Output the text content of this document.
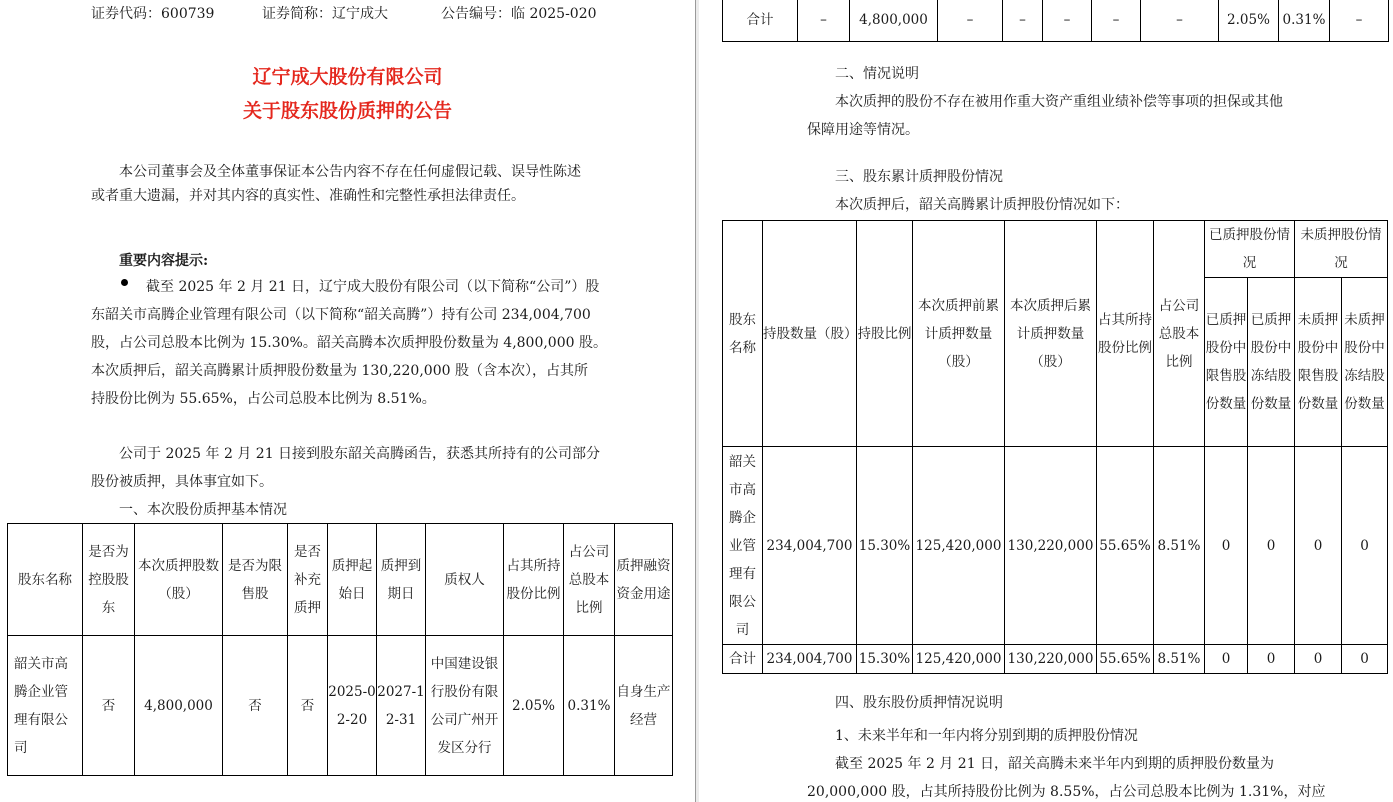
证券代码：600739	证券简称：辽宁成大	公告编号：临 2025-020
辽宁成大股份有限公司
关于股东股份质押的公告
本公司董事会及全体董事保证本公告内容不存在任何虚假记载、误导性陈述
或者重大遗漏，并对其内容的真实性、准确性和完整性承担法律责任。
重要内容提示:
截至 2025 年 2 月 21 日，辽宁成大股份有限公司（以下简称“公司”）股
东韶关市高腾企业管理有限公司（以下简称“韶关高腾”）持有公司 234,004,700
股，占公司总股本比例为 15.30%。韶关高腾本次质押股份数量为 4,800,000 股。
本次质押后，韶关高腾累计质押股份数量为 130,220,000 股（含本次），占其所
持股份比例为 55.65%，占公司总股本比例为 8.51%。
公司于 2025 年 2 月 21 日接到股东韶关高腾函告，获悉其所持有的公司部分
股份被质押，具体事宜如下。
一、本次股份质押基本情况
股东名称	是否为控股股东	本次质押股数（股）	是否为限售股	是否补充质押	质押起始日	质押到期日	质权人	占其所持股份比例	占公司总股本比例	质押融资资金用途
韶关市高腾企业管理有限公司	否	4,800,000	否	否	2025-02-20	2027-12-31	中国建设银行股份有限公司广州开发区分行	2.05%	0.31%	自身生产经营
合计	–	4,800,000	–	–	–	–	–	2.05%	0.31%	–
二、情况说明
本次质押的股份不存在被用作重大资产重组业绩补偿等事项的担保或其他
保障用途等情况。
三、股东累计质押股份情况
本次质押后，韶关高腾累计质押股份情况如下：
股东名称	持股数量（股）	持股比例	本次质押前累计质押数量（股）	本次质押后累计质押数量（股）	占其所持股份比例	占公司总股本比例	已质押股份情况		未质押股份情况	
							已质押股份中限售股份数量	已质押股份中冻结股份数量	未质押股份中限售股份数量	未质押股份中冻结股份数量
韶关市高腾企业管理有限公司	234,004,700	15.30%	125,420,000	130,220,000	55.65%	8.51%	0	0	0	0
合计	234,004,700	15.30%	125,420,000	130,220,000	55.65%	8.51%	0	0	0	0
四、股东股份质押情况说明
1、未来半年和一年内将分别到期的质押股份情况
截至 2025 年 2 月 21 日，韶关高腾未来半年内到期的质押股份数量为
20,000,000 股，占其所持股份比例为 8.55%，占公司总股本比例为 1.31%，对应
